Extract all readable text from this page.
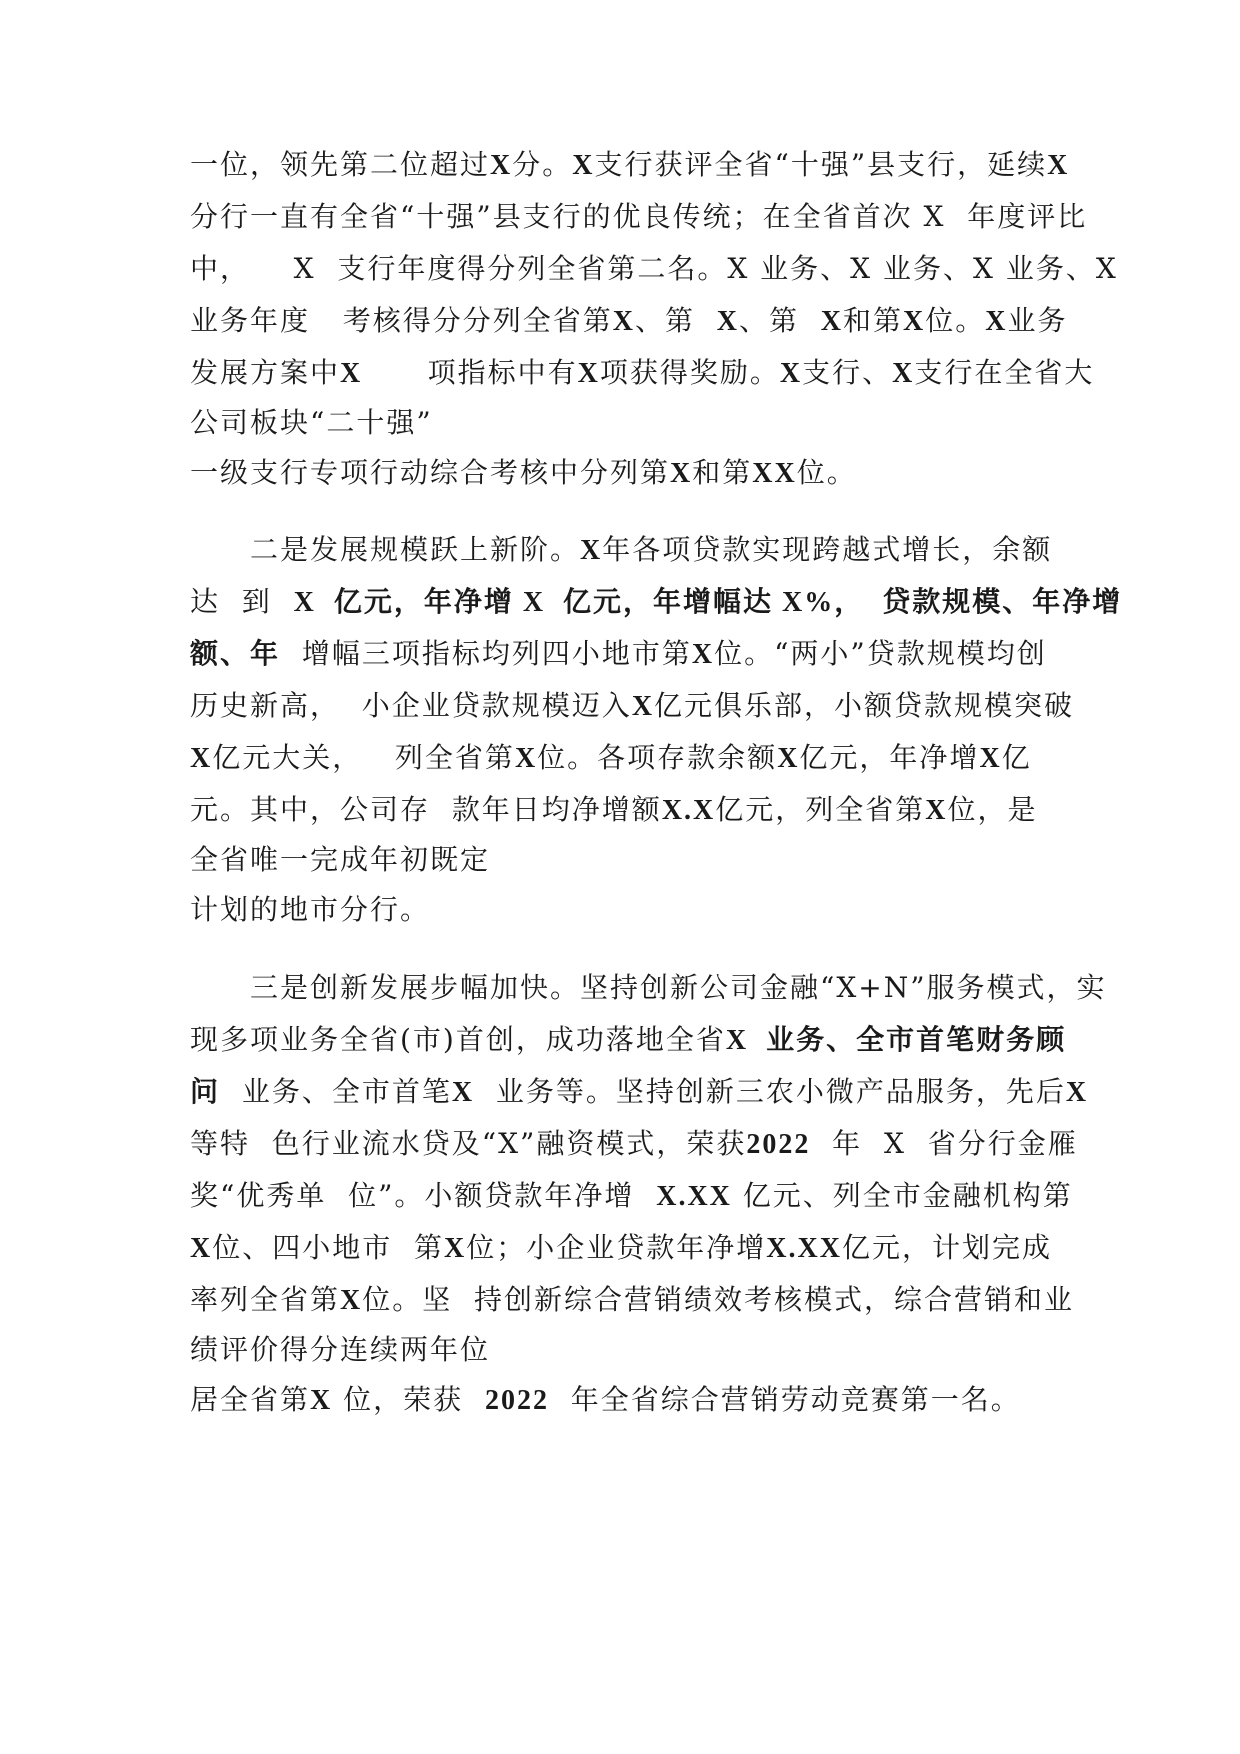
一位，领先第二位超过X分。X支行获评全省“十强”县支行，延续X
分行一直有全省“十强”县支行的优良传统；在全省首次 X  年度评比
中，    X  支行年度得分列全省第二名。X 业务、X 业务、X 业务、X
业务年度   考核得分分列全省第X、第  X、第  X和第X位。X业务
发展方案中X      项指标中有X项获得奖励。X支行、X支行在全省大
公司板块“二十强”
一级支行专项行动综合考核中分列第X和第XX位。
二是发展规模跃上新阶。X年各项贷款实现跨越式增长，余额
达  到  X  亿元，年净增 X  亿元，年增幅达 X%，  贷款规模、年净增
额、年  增幅三项指标均列四小地市第X位。“两小”贷款规模均创
历史新高，  小企业贷款规模迈入X亿元俱乐部，小额贷款规模突破
X亿元大关，   列全省第X位。各项存款余额X亿元，年净增X亿
元。其中，公司存  款年日均净增额X.X亿元，列全省第X位，是
全省唯一完成年初既定
计划的地市分行。
三是创新发展步幅加快。坚持创新公司金融“X+N”服务模式，实
现多项业务全省(市)首创，成功落地全省X  业务、全市首笔财务顾
问  业务、全市首笔X  业务等。坚持创新三农小微产品服务，先后X
等特  色行业流水贷及“X”融资模式，荣获2022  年  X  省分行金雁
奖“优秀单  位”。小额贷款年净增  X.XX 亿元、列全市金融机构第
X位、四小地市  第X位；小企业贷款年净增X.XX亿元，计划完成
率列全省第X位。坚  持创新综合营销绩效考核模式，综合营销和业
绩评价得分连续两年位
居全省第X 位，荣获  2022  年全省综合营销劳动竞赛第一名。
